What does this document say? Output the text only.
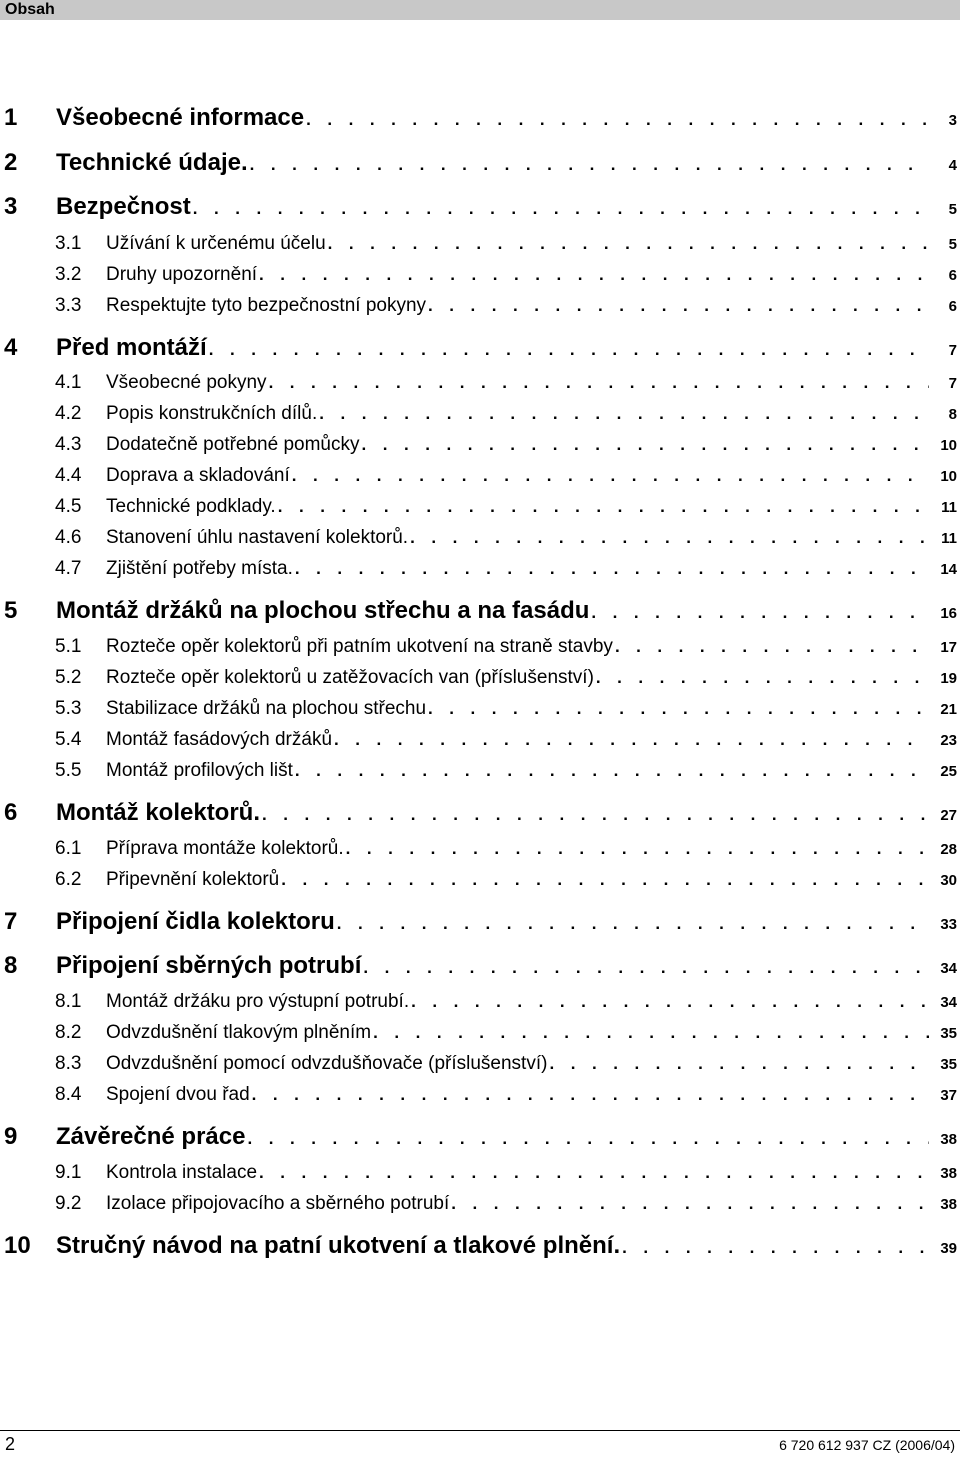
Obsah
1	Všeobecné informace . . .	3
2	Technické údaje. . . .	4
3	Bezpečnost . . .	5
3.1	Užívání k určenému účelu . . .	5
3.2	Druhy upozornění . . .	6
3.3	Respektujte tyto bezpečnostní pokyny . . .	6
4	Před montáží . . .	7
4.1	Všeobecné pokyny . . .	7
4.2	Popis konstrukčních dílů. . . .	8
4.3	Dodatečně potřebné pomůcky . . .	10
4.4	Doprava a skladování . . .	10
4.5	Technické podklady. . . .	11
4.6	Stanovení úhlu nastavení kolektorů. . . .	11
4.7	Zjištění potřeby místa. . . .	14
5	Montáž držáků na plochou střechu a na fasádu . . .	16
5.1	Rozteče opěr kolektorů při patním ukotvení na straně stavby . . .	17
5.2	Rozteče opěr kolektorů u zatěžovacích van (příslušenství) . . .	19
5.3	Stabilizace držáků na plochou střechu . . .	21
5.4	Montáž fasádových držáků . . .	23
5.5	Montáž profilových lišt . . .	25
6	Montáž kolektorů. . . .	27
6.1	Příprava montáže kolektorů. . . .	28
6.2	Připevnění kolektorů . . .	30
7	Připojení čidla kolektoru . . .	33
8	Připojení sběrných potrubí . . .	34
8.1	Montáž držáku pro výstupní potrubí. . . .	34
8.2	Odvzdušnění tlakovým plněním . . .	35
8.3	Odvzdušnění pomocí odvzdušňovače (příslušenství) . . .	35
8.4	Spojení dvou řad . . .	37
9	Závěrečné práce . . .	38
9.1	Kontrola instalace . . .	38
9.2	Izolace připojovacího a sběrného potrubí . . .	38
10	Stručný návod na patní ukotvení a tlakové plnění. . . .	39
2	6 720 612 937 CZ (2006/04)
